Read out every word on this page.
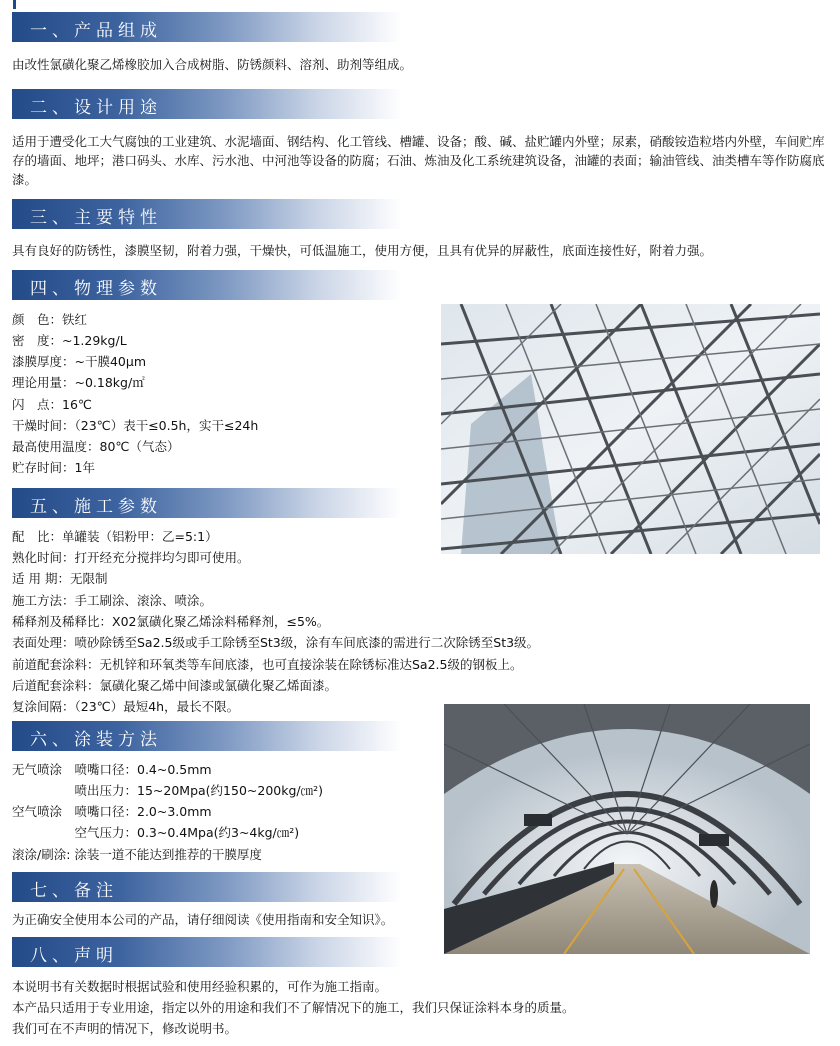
一、产品组成

由改性氯磺化聚乙烯橡胶加入合成树脂、防锈颜料、溶剂、助剂等组成。

二、设计用途

适用于遭受化工大气腐蚀的工业建筑、水泥墙面、钢结构、化工管线、槽罐、设备；酸、碱、盐贮罐内外壁；尿素，硝酸铵造粒塔内外壁，车间贮库存的墙面、地坪；港口码头、水库、污水池、中河池等设备的防腐；石油、炼油及化工系统建筑设备，油罐的表面；输油管线、油类槽车等作防腐底漆。

三、主要特性

具有良好的防锈性，漆膜坚韧，附着力强，干燥快，可低温施工，使用方便，且具有优异的屏蔽性，底面连接性好，附着力强。

四、物理参数

颜　色：铁红

密　度：~1.29kg/L

漆膜厚度：~干膜40μm

理论用量：~0.18kg/㎡

闪　点：16℃

干燥时间：（23℃）表干≤0.5h，实干≤24h

最高使用温度：80℃（气态）

贮存时间：1年

五、施工参数

配　比：单罐装（铝粉甲：乙=5:1）

熟化时间：打开经充分搅拌均匀即可使用。

适 用 期：无限制

施工方法：手工刷涂、滚涂、喷涂。

稀释剂及稀释比：X02氯磺化聚乙烯涂料稀释剂，≤5%。

表面处理：喷砂除锈至Sa2.5级或手工除锈至St3级，涂有车间底漆的需进行二次除锈至St3级。

前道配套涂料：无机锌和环氧类等车间底漆，也可直接涂装在除锈标准达Sa2.5级的钢板上。

后道配套涂料：氯磺化聚乙烯中间漆或氯磺化聚乙烯面漆。

复涂间隔：（23℃）最短4h，最长不限。

六、涂装方法

无气喷涂　喷嘴口径：0.4~0.5mm

　　　　　喷出压力：15~20Mpa(约150~200kg/㎝²)

空气喷涂　喷嘴口径：2.0~3.0mm

　　　　　空气压力：0.3~0.4Mpa(约3~4kg/㎝²)

滚涂/刷涂: 涂装一道不能达到推荐的干膜厚度

七、备注

为正确安全使用本公司的产品，请仔细阅读《使用指南和安全知识》。

八、声明

本说明书有关数据时根据试验和使用经验积累的，可作为施工指南。

本产品只适用于专业用途，指定以外的用途和我们不了解情况下的施工，我们只保证涂料本身的质量。

我们可在不声明的情况下，修改说明书。
